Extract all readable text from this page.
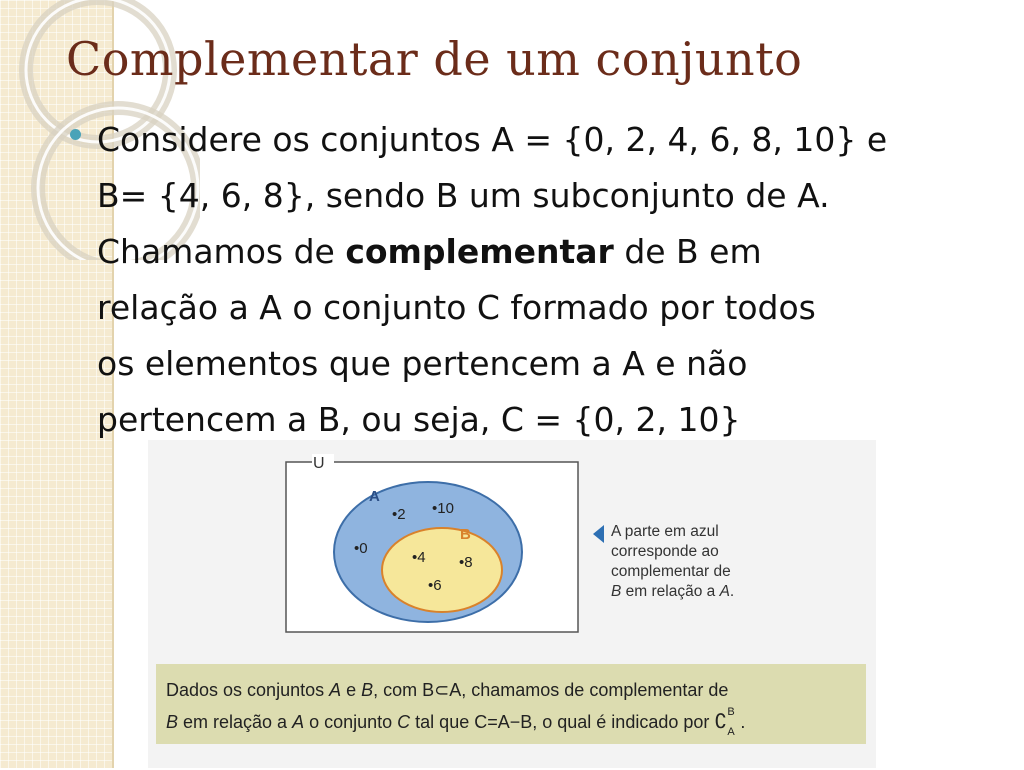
Complementar de um conjunto
Considere os conjuntos A = {0, 2, 4, 6, 8, 10} e
B= {4, 6, 8}, sendo B um subconjunto de A.
Chamamos de complementar de B em
relação a A o conjunto C formado por todos
os elementos que pertencem a A e não
pertencem a B, ou seja, C = {0, 2, 10}
U
A
B
•2 •10
•0
•4 •8
•6
A parte em azul
corresponde ao
complementar de
B em relação a A.
Dados os conjuntos A e B, com B⊂A, chamamos de complementar de
B em relação a A o conjunto C tal que C=A−B, o qual é indicado por ∁ B
A .
